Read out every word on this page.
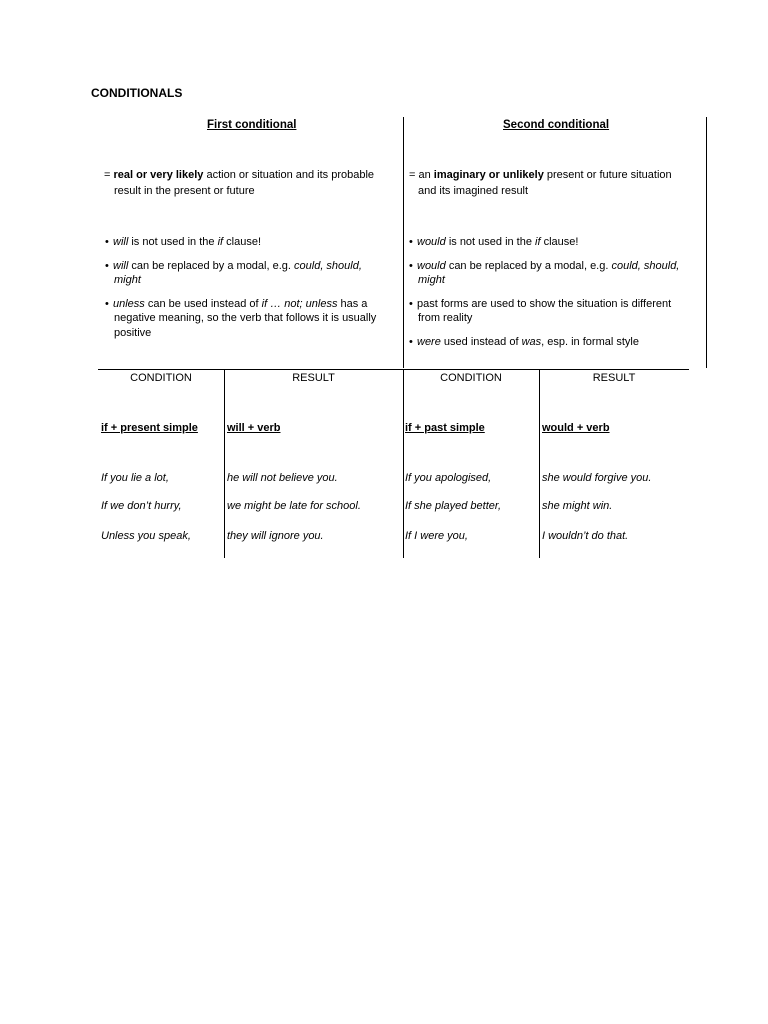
CONDITIONALS
First conditional	Second conditional
= real or very likely action or situation and its probable
result in the present or future
= an imaginary or unlikely present or future situation
and its imagined result
• will is not used in the if clause!
• will can be replaced by a modal, e.g. could, should,
might
• unless can be used instead of if … not; unless has a
negative meaning, so the verb that follows it is usually
positive
• would is not used in the if clause!
• would can be replaced by a modal, e.g. could, should,
might
• past forms are used to show the situation is different
from reality
• were used instead of was, esp. in formal style
CONDITION	RESULT	CONDITION	RESULT
if + present simple	will + verb	if + past simple	would + verb
If you lie a lot,	he will not believe you.	If you apologised,	she would forgive you.
If we don’t hurry,	we might be late for school.	If she played better,	she might win.
Unless you speak,	they will ignore you.	If I were you,	I wouldn’t do that.
